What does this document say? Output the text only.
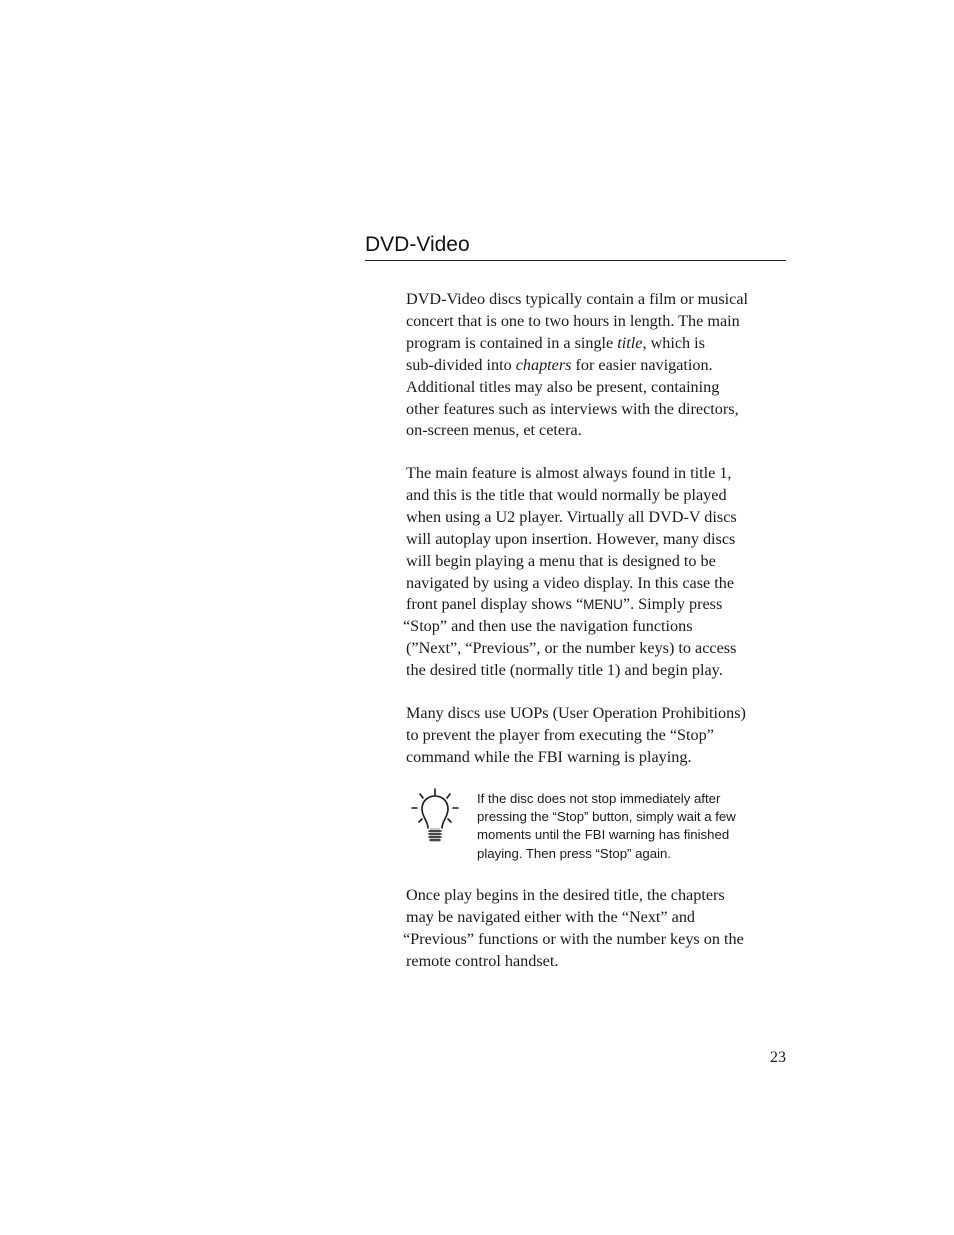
DVD-Video
DVD-Video discs typically contain a film or musical
concert that is one to two hours in length. The main
program is contained in a single title, which is
sub-divided into chapters for easier navigation.
Additional titles may also be present, containing
other features such as interviews with the directors,
on-screen menus, et cetera.
The main feature is almost always found in title 1,
and this is the title that would normally be played
when using a U2 player. Virtually all DVD-V discs
will autoplay upon insertion. However, many discs
will begin playing a menu that is designed to be
navigated by using a video display. In this case the
front panel display shows “MENU”. Simply press
“Stop” and then use the navigation functions
(”Next”, “Previous”, or the number keys) to access
the desired title (normally title 1) and begin play.
Many discs use UOPs (User Operation Prohibitions)
to prevent the player from executing the “Stop”
command while the FBI warning is playing.
If the disc does not stop immediately after
pressing the “Stop” button, simply wait a few
moments until the FBI warning has finished
playing. Then press “Stop” again.
Once play begins in the desired title, the chapters
may be navigated either with the “Next” and
“Previous” functions or with the number keys on the
remote control handset.
23
